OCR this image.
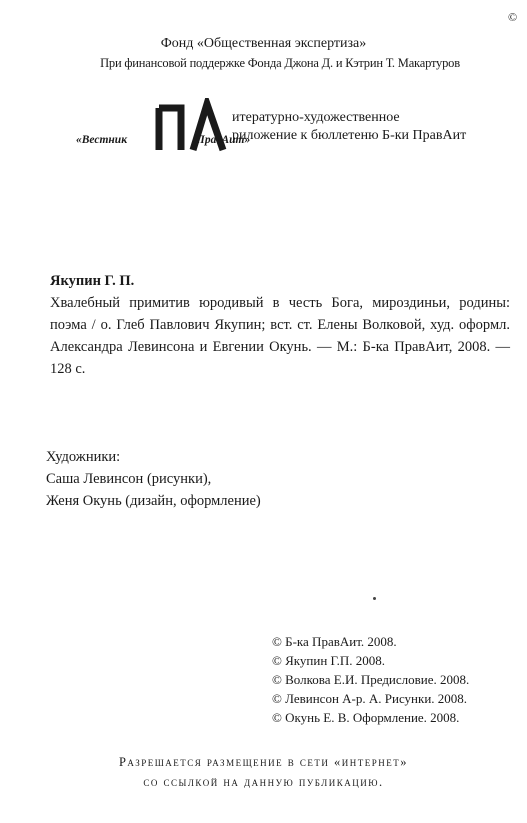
Фонд «Общественная экспертиза»
При финансовой поддержке Фонда Джона Д. и Кэтрин Т. Макартуров
©
«Вестник	ПравАит»
итературно-художественное
риложение к бюллетеню Б-ки ПравАит
Якупин Г. П.
Хвалебный примитив юродивый в честь Бога, мироздиньи, родины: поэма / о. Глеб Павлович Якупин; вст. ст. Елены Волковой, худ. оформл. Александра Левинсона и Евгении Окунь. — М.: Б-ка ПравАит, 2008. — 128 с.
Художники:
Саша Левинсон (рисунки),
Женя Окунь (дизайн, оформление)
© Б-ка ПравАит. 2008.
© Якупин Г.П. 2008.
© Волкова Е.И. Предисловие. 2008.
© Левинсон А-р. А. Рисунки. 2008.
© Окунь Е. В. Оформление. 2008.
Разрешается размещение в сети «интернет»
со ссылкой на данную публикацию.
